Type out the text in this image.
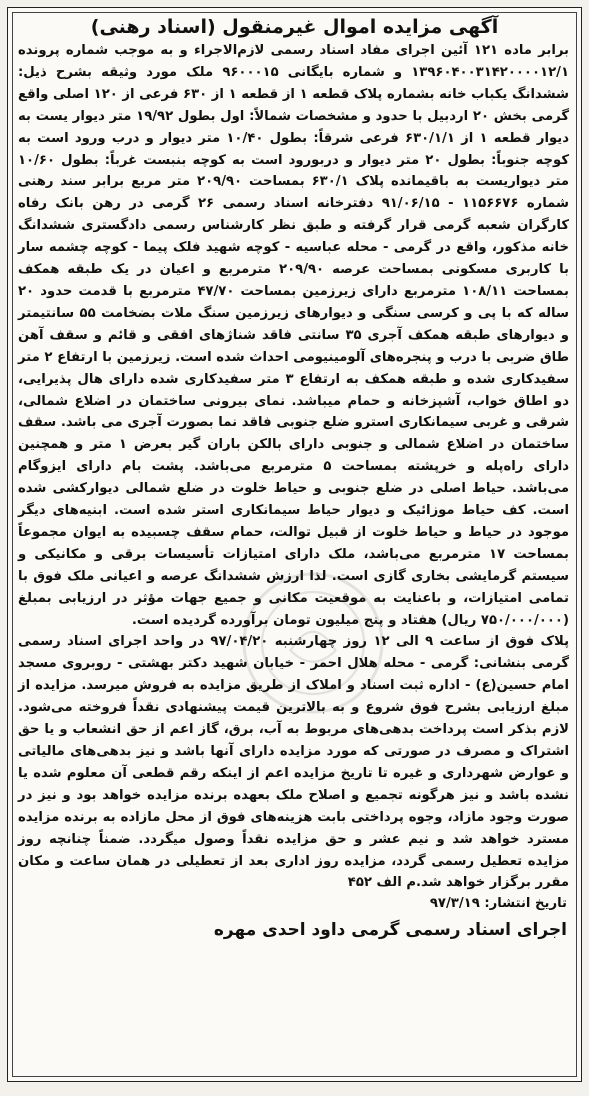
آگهی مزایده اموال غیرمنقول (اسناد رهنی)

برابر ماده ۱۲۱ آئین اجرای مفاد اسناد رسمی لازم‌الاجراء و به موجب شماره پرونده ۱۳۹۶۰۴۰۰۳۱۴۲۰۰۰۰۱۲/۱ و شماره بایگانی ۹۶۰۰۰۱۵ ملک مورد وثیقه بشرح ذیل: ششدانگ یکباب خانه بشماره پلاک قطعه ۱ از قطعه ۱ از ۶۳۰ فرعی از ۱۲۰ اصلی واقع گرمی بخش ۲۰ اردبیل با حدود و مشخصات شمالاً: اول بطول ۱۹/۹۲ متر دیوار یست به دیوار قطعه ۱ از ۶۳۰/۱/۱ فرعی شرقاً: بطول ۱۰/۴۰ متر دیوار و درب ورود است به کوچه جنوباً: بطول ۲۰ متر دیوار و دربورود است به کوچه بنبست غرباً: بطول ۱۰/۶۰ متر دیواریست به باقیمانده پلاک ۶۳۰/۱ بمساحت ۲۰۹/۹۰ متر مربع برابر سند رهنی شماره ۱۱۵۶۶۷۶ - ۹۱/۰۶/۱۵ دفترخانه اسناد رسمی ۲۶ گرمی در رهن بانک رفاه کارگران شعبه گرمی قرار گرفته و طبق نظر کارشناس رسمی دادگستری ششدانگ خانه مذکور، واقع در گرمی - محله عباسیه - کوچه شهید فلک پیما - کوچه چشمه سار با کاربری مسکونی بمساحت عرصه ۲۰۹/۹۰ مترمربع و اعیان در یک طبقه همکف بمساحت ۱۰۸/۱۱ مترمربع دارای زیرزمین بمساحت ۴۷/۷۰ مترمربع با قدمت حدود ۲۰ ساله که با پی و کرسی سنگی و دیوارهای زیرزمین سنگ ملات بضخامت ۵۵ سانتیمتر و دیوارهای طبقه همکف آجری ۳۵ سانتی فاقد شناژهای افقی و قائم و سقف آهن طاق ضربی با درب و پنجره‌های آلومینیومی احداث شده است. زیرزمین با ارتفاع ۲ متر سفیدکاری شده و طبقه همکف به ارتفاع ۳ متر سفیدکاری شده دارای هال پذیرایی، دو اطاق خواب، آشپزخانه و حمام میباشد. نمای بیرونی ساختمان در اضلاع شمالی، شرقی و غربی سیمانکاری استرو ضلع جنوبی فاقد نما بصورت آجری می باشد. سقف ساختمان در اضلاع شمالی و جنوبی دارای بالکن باران گیر بعرض ۱ متر و همچنین دارای راه‌پله و خرپشته بمساحت ۵ مترمربع می‌باشد. پشت بام دارای ایزوگام می‌باشد. حیاط اصلی در ضلع جنوبی و حیاط خلوت در ضلع شمالی دیوارکشی شده است. کف حیاط موزائیک و دیوار حیاط سیمانکاری استر شده است. ابنیه‌های دیگر موجود در حیاط و حیاط خلوت از قبیل توالت، حمام سقف چسبیده به ایوان مجموعاً بمساحت ۱۷ مترمربع می‌باشد، ملک دارای امتیازات تأسیسات برقی و مکانیکی و سیستم گرمایشی بخاری گازی است. لذا ارزش ششدانگ عرصه و اعیانی ملک فوق با تمامی امتیازات، و باعنایت به موقعیت مکانی و جمیع جهات مؤثر در ارزیابی بمبلغ (۷۵۰/۰۰۰/۰۰۰ ریال) هفتاد و پنج میلیون تومان برآورده گردیده است.

پلاک فوق از ساعت ۹ الی ۱۲ روز چهارشنبه ۹۷/۰۴/۲۰ در واحد اجرای اسناد رسمی گرمی بنشانی: گرمی - محله هلال احمر - خیابان شهید دکتر بهشتی - روبروی مسجد امام حسین(ع) - اداره ثبت اسناد و املاک از طریق مزایده به فروش میرسد. مزایده از مبلغ ارزیابی بشرح فوق شروع و به بالاترین قیمت پیشنهادی نقداً فروخته می‌شود. لازم بذکر است پرداخت بدهی‌های مربوط به آب، برق، گاز اعم از حق انشعاب و یا حق اشتراک و مصرف در صورتی که مورد مزایده دارای آنها باشد و نیز بدهی‌های مالیاتی و عوارض شهرداری و غیره تا تاریخ مزایده اعم از اینکه رقم قطعی آن معلوم شده یا نشده باشد و نیز هرگونه تجمیع و اصلاح ملک بعهده برنده مزایده خواهد بود و نیز در صورت وجود مازاد، وجوه پرداختی بابت هزینه‌های فوق از محل مازاده به برنده مزایده مسترد خواهد شد و نیم عشر و حق مزایده نقداً وصول میگردد. ضمناً چنانچه روز مزایده تعطیل رسمی گردد، مزایده روز اداری بعد از تعطیلی در همان ساعت و مکان مقرر برگزار خواهد شد.م الف ۴۵۲

تاریخ انتشار: ۹۷/۳/۱۹
اجرای اسناد رسمی گرمی داود احدی مهره
